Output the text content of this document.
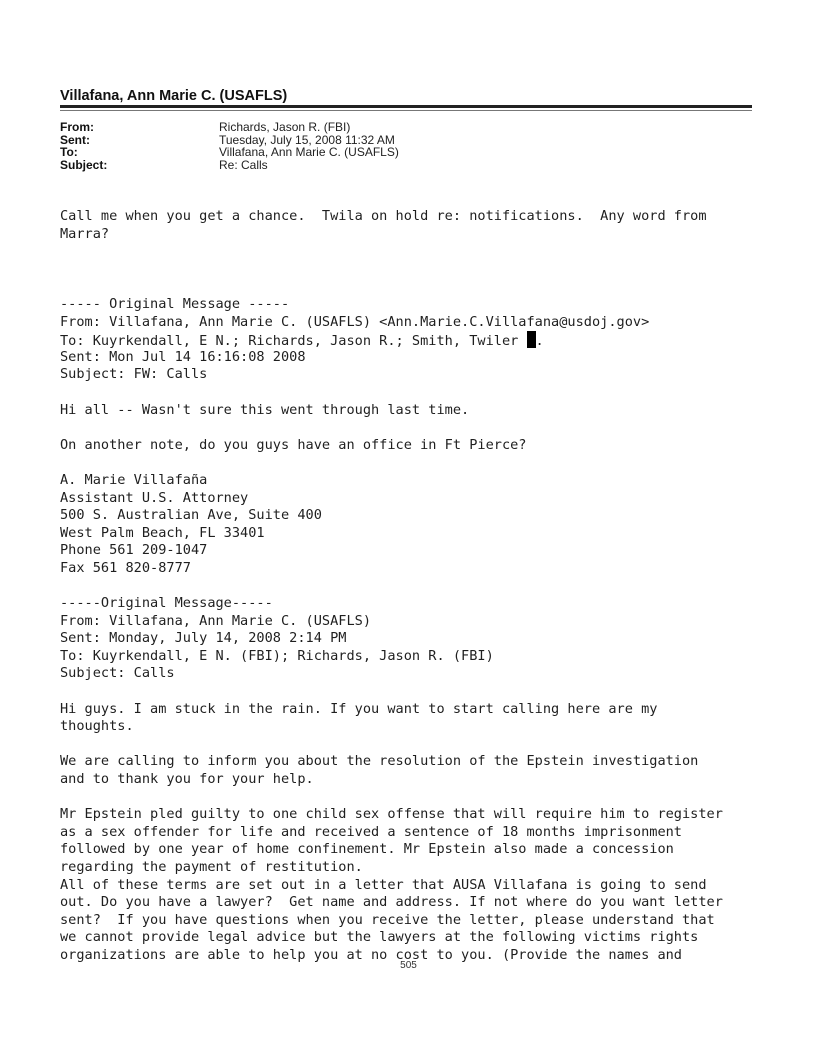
Villafana, Ann Marie C. (USAFLS)
From:	Richards, Jason R. (FBI)
Sent:	Tuesday, July 15, 2008 11:32 AM
To:	Villafana, Ann Marie C. (USAFLS)
Subject:	Re: Calls
Call me when you get a chance.  Twila on hold re: notifications.  Any word from
Marra?
----- Original Message -----
From: Villafana, Ann Marie C. (USAFLS) <Ann.Marie.C.Villafana@usdoj.gov>
To: Kuyrkendall, E N.; Richards, Jason R.; Smith, Twiler .
Sent: Mon Jul 14 16:16:08 2008
Subject: FW: Calls
Hi all -- Wasn't sure this went through last time.
On another note, do you guys have an office in Ft Pierce?
A. Marie Villafaña
Assistant U.S. Attorney
500 S. Australian Ave, Suite 400
West Palm Beach, FL 33401
Phone 561 209-1047
Fax 561 820-8777
-----Original Message-----
From: Villafana, Ann Marie C. (USAFLS)
Sent: Monday, July 14, 2008 2:14 PM
To: Kuyrkendall, E N. (FBI); Richards, Jason R. (FBI)
Subject: Calls
Hi guys. I am stuck in the rain. If you want to start calling here are my
thoughts.
We are calling to inform you about the resolution of the Epstein investigation
and to thank you for your help.
Mr Epstein pled guilty to one child sex offense that will require him to register
as a sex offender for life and received a sentence of 18 months imprisonment
followed by one year of home confinement. Mr Epstein also made a concession
regarding the payment of restitution.
All of these terms are set out in a letter that AUSA Villafana is going to send
out. Do you have a lawyer?  Get name and address. If not where do you want letter
sent?  If you have questions when you receive the letter, please understand that
we cannot provide legal advice but the lawyers at the following victims rights
organizations are able to help you at no cost to you. (Provide the names and
505
